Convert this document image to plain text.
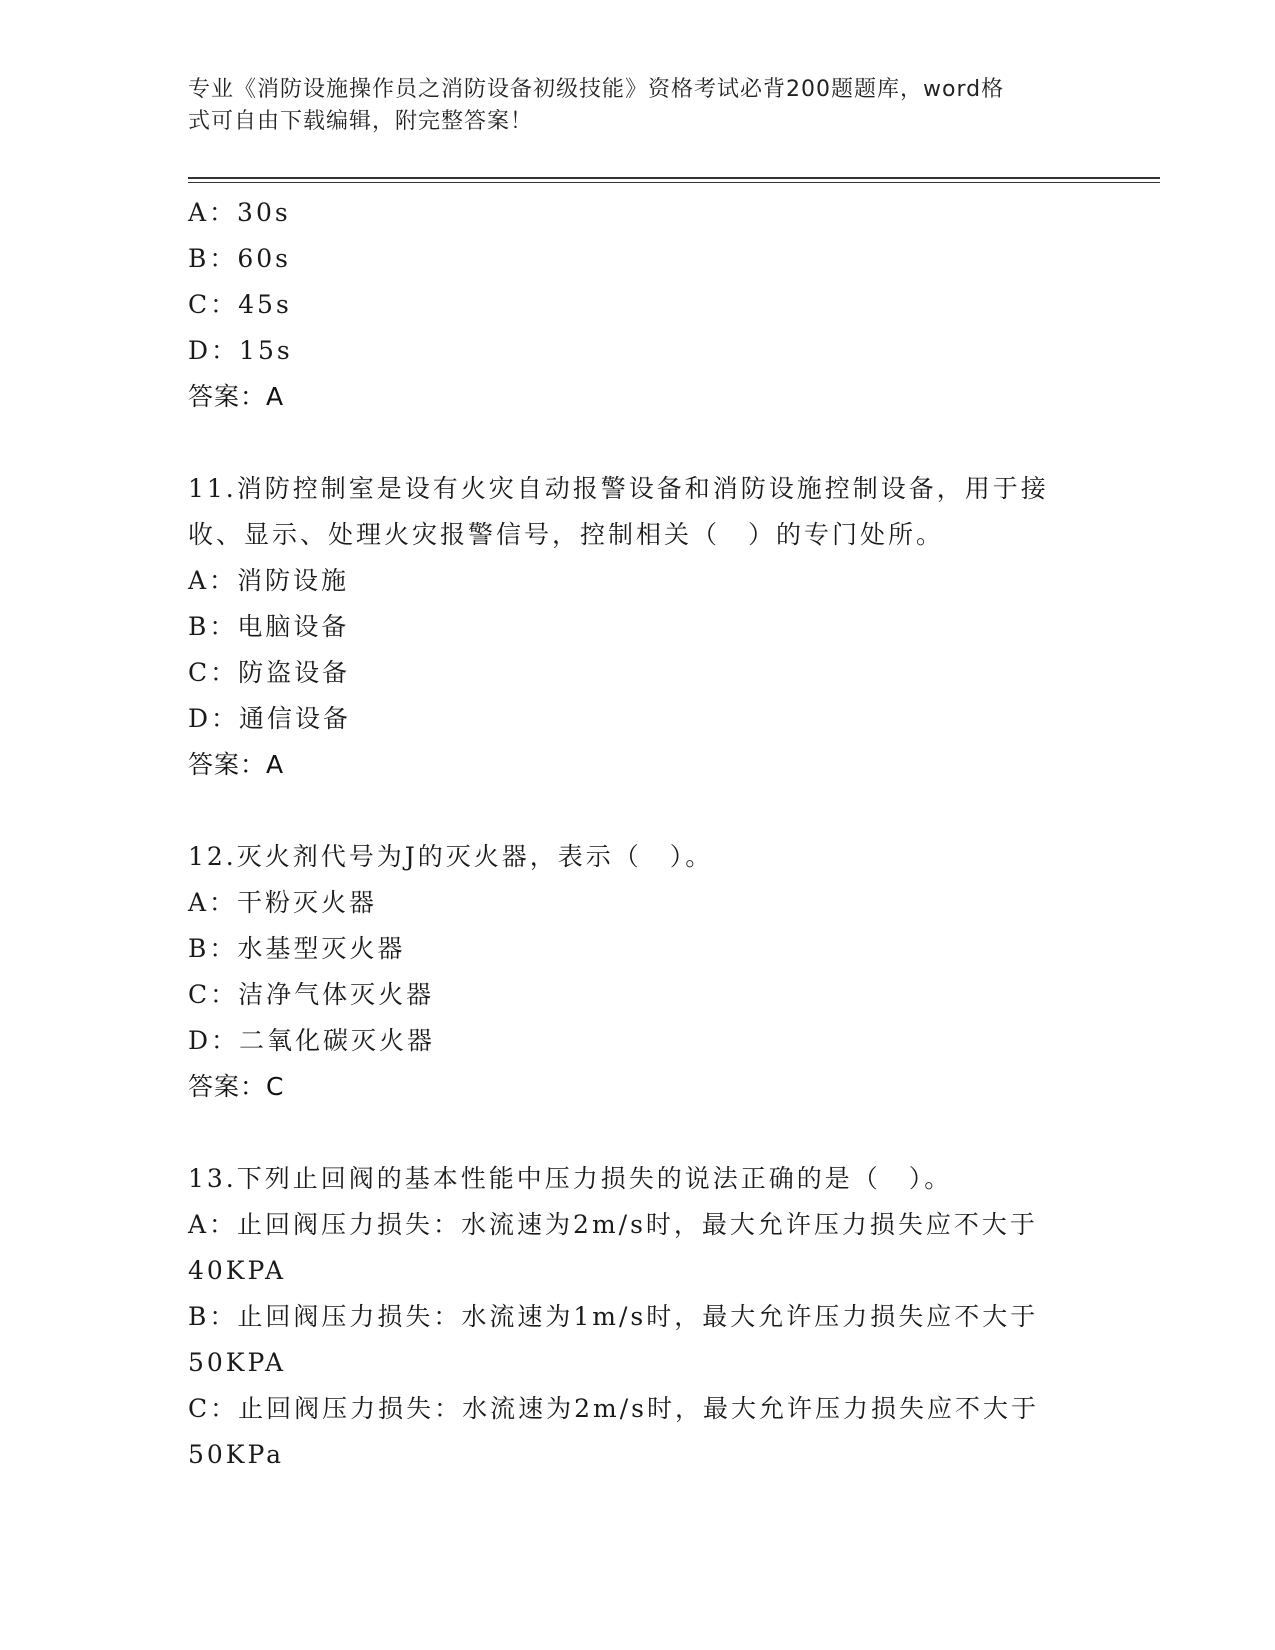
专业《消防设施操作员之消防设备初级技能》资格考试必背200题题库，word格
式可自由下载编辑，附完整答案！
A：30s
B：60s
C：45s
D：15s
答案：A
11.消防控制室是设有火灾自动报警设备和消防设施控制设备，用于接
收、显示、处理火灾报警信号，控制相关（　）的专门处所。
A：消防设施
B：电脑设备
C：防盗设备
D：通信设备
答案：A
12.灭火剂代号为J的灭火器，表示（　）。
A：干粉灭火器
B：水基型灭火器
C：洁净气体灭火器
D：二氧化碳灭火器
答案：C
13.下列止回阀的基本性能中压力损失的说法正确的是（　）。
A：止回阀压力损失：水流速为2m/s时，最大允许压力损失应不大于
40KPA
B：止回阀压力损失：水流速为1m/s时，最大允许压力损失应不大于
50KPA
C：止回阀压力损失：水流速为2m/s时，最大允许压力损失应不大于
50KPa
